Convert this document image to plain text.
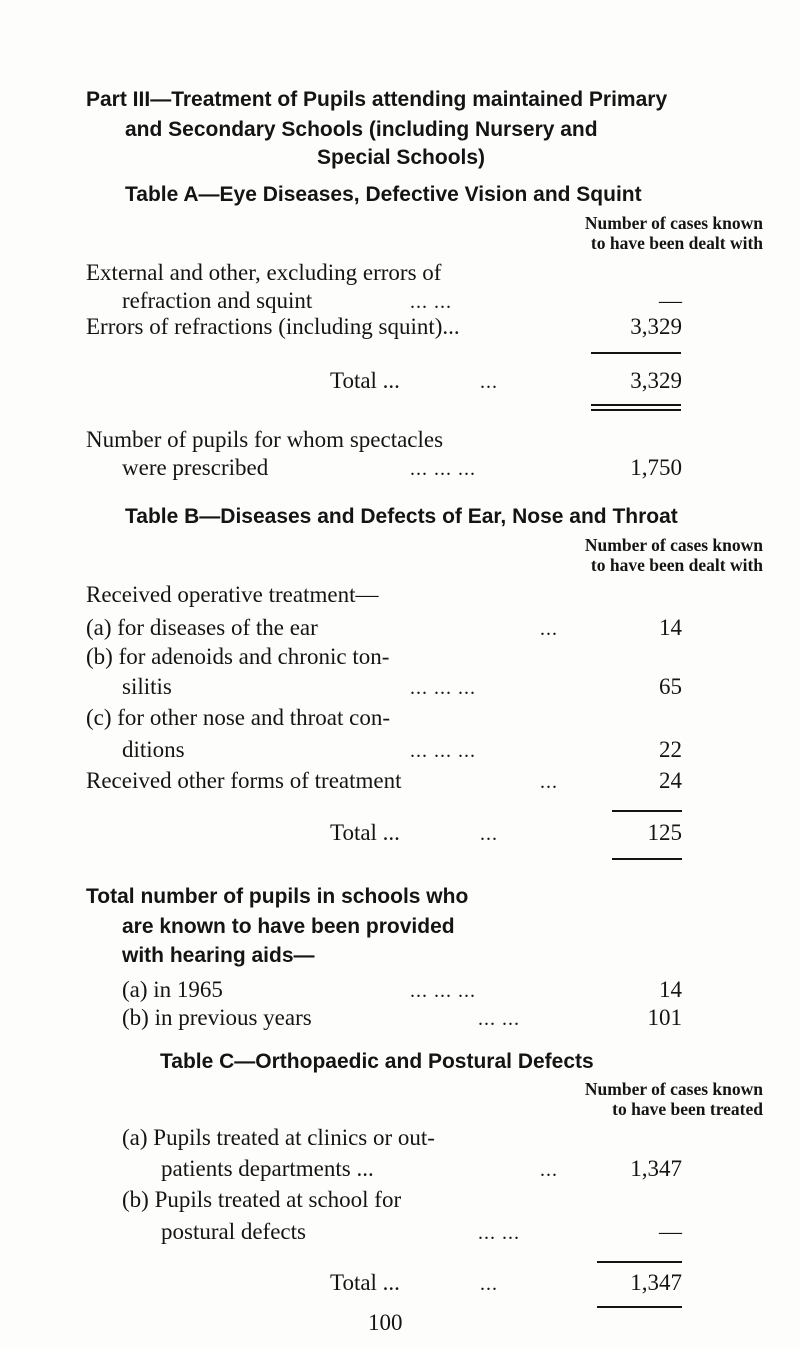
Part III—Treatment of Pupils attending maintained Primary
and Secondary Schools (including Nursery and
Special Schools)
Table A—Eye Diseases, Defective Vision and Squint
Number of cases known
to have been dealt with
External and other, excluding errors of
refraction and squint	... ...	—
Errors of refractions (including squint)...	3,329
Total ...	...	3,329
Number of pupils for whom spectacles
were prescribed	... ... ...	1,750
Table B—Diseases and Defects of Ear, Nose and Throat
Number of cases known
to have been dealt with
Received operative treatment—
(a) for diseases of the ear	...	14
(b) for adenoids and chronic ton-
silitis	... ... ...	65
(c) for other nose and throat con-
ditions	... ... ...	22
Received other forms of treatment	...	24
Total ...	...	125
Total number of pupils in schools who
are known to have been provided
with hearing aids—
(a) in 1965	... ... ...	14
(b) in previous years	... ...	101
Table C—Orthopaedic and Postural Defects
Number of cases known
to have been treated
(a) Pupils treated at clinics or out-
patients departments ...	...	1,347
(b) Pupils treated at school for
postural defects	... ...	—
Total ...	...	1,347
100
